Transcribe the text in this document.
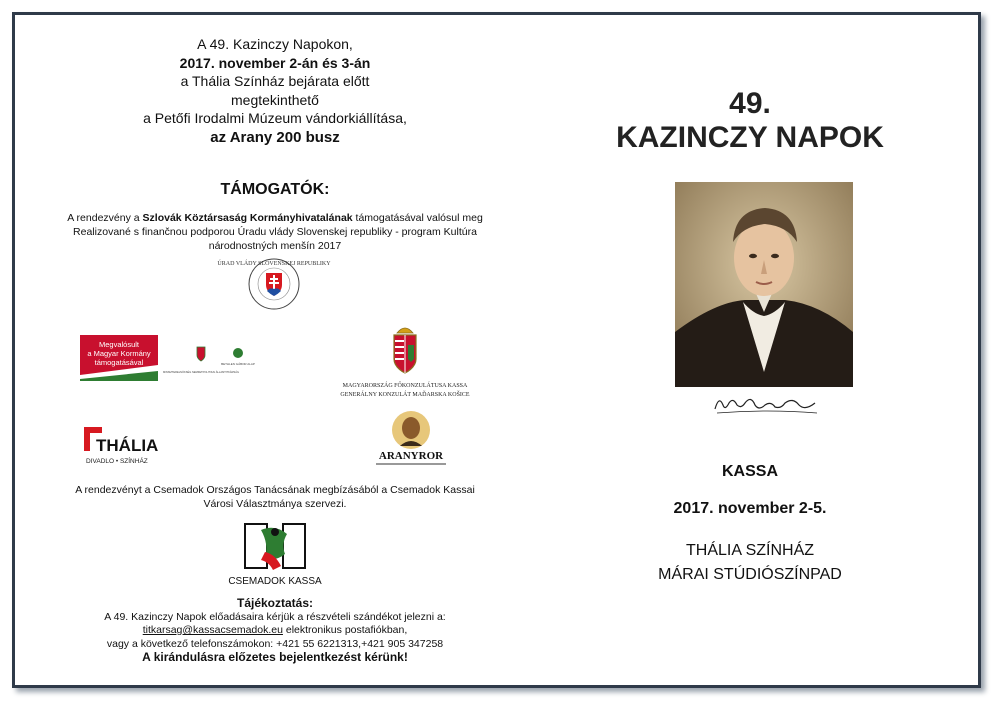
A 49. Kazinczy Napokon,

2017. november 2-án és 3-án

a Thália Színház bejárata előtt

megtekinthető

a Petőfi Irodalmi Múzeum vándorkiállítása,

az Arany 200 busz

TÁMOGATÓK:
A rendezvény a Szlovák Köztársaság Kormányhivatalának támogatásával valósul meg
Realizované s finančnou podporou Úradu vlády Slovenskej republiky - program Kultúra národnostných menšín 2017
ÚRAD VLÁDY SLOVENSKEJ REPUBLIKY
Megvalósult
a Magyar Kormány
támogatásával
MINISZTERELNÖKSÉG NEMZETPOLITIKAI ÁLLAMTITKÁRSÁG
BETHLEN GÁBOR ALAP
MAGYARORSZÁG FŐKONZULÁTUSA KASSA
GENERÁLNY KONZULÁT MAĎARSKA KOŠICE
THÁLIA
DIVADLO • SZÍNHÁZ	ARANYROR
A rendezvényt a Csemadok Országos Tanácsának megbízásából a Csemadok Kassai Városi Választmánya szervezi.
CSEMADOK KASSA
Tájékoztatás:
A 49. Kazinczy Napok előadásaira kérjük a részvételi szándékot jelezni a:
titkarsag@kassacsemadok.eu elektronikus postafiókban,
vagy a következő telefonszámokon: +421 55 6221313,+421 905 347258
A kirándulásra előzetes bejelentkezést kérünk!
49.
KAZINCZY NAPOK
KASSA
2017. november 2-5.
THÁLIA SZÍNHÁZ
MÁRAI STÚDIÓSZÍNPAD
